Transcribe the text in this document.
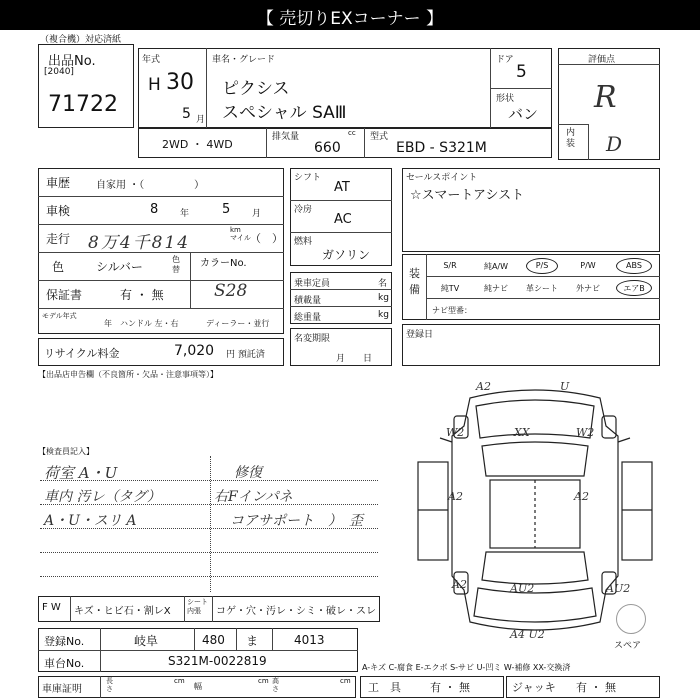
【 売切りEXコーナー 】
（複合機）対応済紙
出品No.
[2040]
71722
年式
H 30
5 月
車名・グレード
ピクシス
スペシャル SAⅢ
ドア
5
形状
バン
評価点
R
内装 D
2WD ・ 4WD
排気量	cc
660
型式
EBD - S321M
車歴	自家用 ・（　　　　　）
車検	8 年	5 月
走行 8万4千814
km
マイル （　）
色	シルバー
色替
カラーNo.
S28
保証書	有 ・ 無
モデル年式
年 ハンドル 左・右	ディーラー・並行
リサイクル料金	7,020 円 預託済
シフト
AT
冷房
AC
燃料
ガソリン
乗車定員	名
積載量	kg
総重量	kg
名変期限
月　　日
セールスポイント
☆スマートアシスト
装備
S/R	純A/W	P/S	P/W	ABS
純TV	純ナビ	革シート	外ナビ	エアB
ナビ型番：
登録日
【出品店申告欄（不良箇所・欠品・注意事項等）】
【検査員記入】
荷室 A・U
車内 汚レ（タグ）
A・U・スリ A
修復
右Fインパネ
コアサポート　）　歪
F W キズ・ヒビ石・割レX
シート内張	コゲ・穴・汚レ・シミ・破レ・スレ
登録No.	岐阜	480 ま	4013
車台No.	S321M-0022819
車庫証明
長さ
cm
幅
cm 高さ
cm
A-キズ C-腐食 E-エクボ S-サビ U-凹ミ W-補修 XX-交換済
工　具	有 ・ 無	ジャッキ 有 ・ 無
A2	U
W2	XX	W2
A2	A2
A2	AU2	AU2
A4 U2
スペア
